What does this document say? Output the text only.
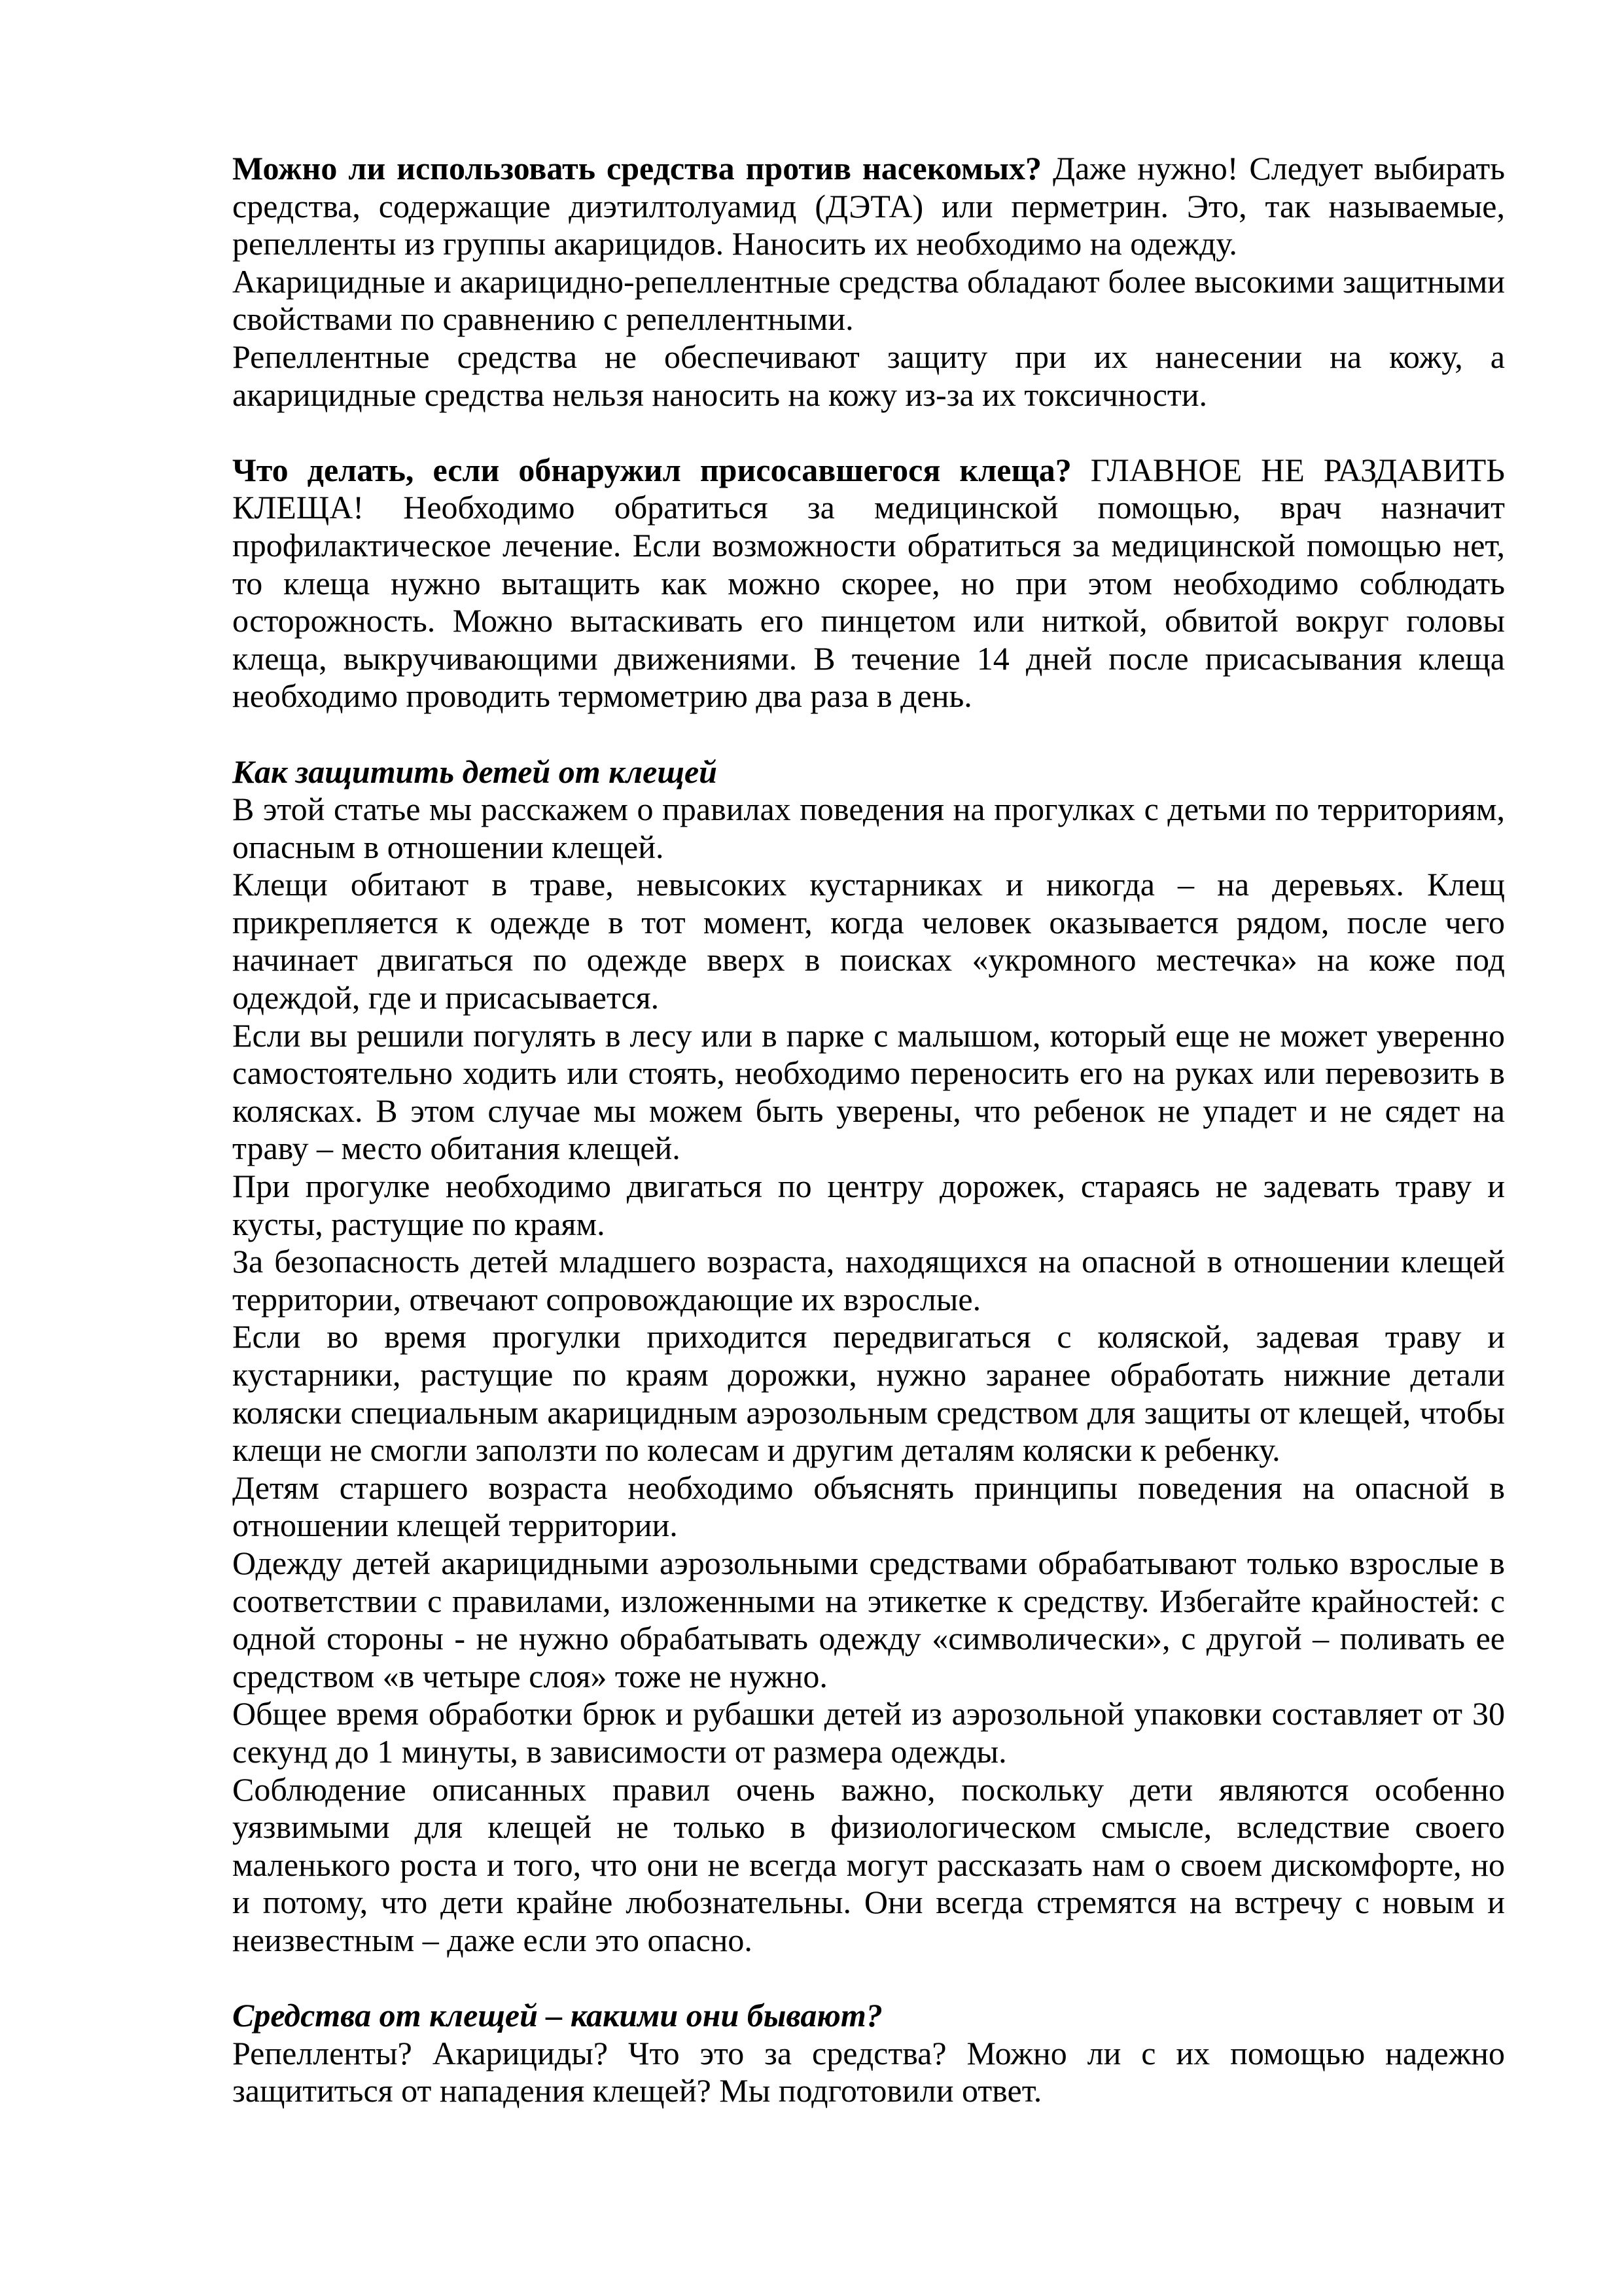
Можно ли использовать средства против насекомых? Даже нужно! Следует выбирать
средства, содержащие диэтилтолуамид (ДЭТА) или перметрин. Это, так называемые,
репелленты из группы акарицидов. Наносить их необходимо на одежду.
Акарицидные и акарицидно-репеллентные средства обладают более высокими защитными
свойствами по сравнению с репеллентными.
Репеллентные средства не обеспечивают защиту при их нанесении на кожу, а
акарицидные средства нельзя наносить на кожу из-за их токсичности.
Что делать, если обнаружил присосавшегося клеща? ГЛАВНОЕ НЕ РАЗДАВИТЬ
КЛЕЩА! Необходимо обратиться за медицинской помощью, врач назначит
профилактическое лечение. Если возможности обратиться за медицинской помощью нет,
то клеща нужно вытащить как можно скорее, но при этом необходимо соблюдать
осторожность. Можно вытаскивать его пинцетом или ниткой, обвитой вокруг головы
клеща, выкручивающими движениями. В течение 14 дней после присасывания клеща
необходимо проводить термометрию два раза в день.
Как защитить детей от клещей
В этой статье мы расскажем о правилах поведения на прогулках с детьми по территориям,
опасным в отношении клещей.
Клещи обитают в траве, невысоких кустарниках и никогда – на деревьях. Клещ
прикрепляется к одежде в тот момент, когда человек оказывается рядом, после чего
начинает двигаться по одежде вверх в поисках «укромного местечка» на коже под
одеждой, где и присасывается.
Если вы решили погулять в лесу или в парке с малышом, который еще не может уверенно
самостоятельно ходить или стоять, необходимо переносить его на руках или перевозить в
колясках. В этом случае мы можем быть уверены, что ребенок не упадет и не сядет на
траву – место обитания клещей.
При прогулке необходимо двигаться по центру дорожек, стараясь не задевать траву и
кусты, растущие по краям.
За безопасность детей младшего возраста, находящихся на опасной в отношении клещей
территории, отвечают сопровождающие их взрослые.
Если во время прогулки приходится передвигаться с коляской, задевая траву и
кустарники, растущие по краям дорожки, нужно заранее обработать нижние детали
коляски специальным акарицидным аэрозольным средством для защиты от клещей, чтобы
клещи не смогли заползти по колесам и другим деталям коляски к ребенку.
Детям старшего возраста необходимо объяснять принципы поведения на опасной в
отношении клещей территории.
Одежду детей акарицидными аэрозольными средствами обрабатывают только взрослые в
соответствии с правилами, изложенными на этикетке к средству. Избегайте крайностей: с
одной стороны - не нужно обрабатывать одежду «символически», с другой – поливать ее
средством «в четыре слоя» тоже не нужно.
Общее время обработки брюк и рубашки детей из аэрозольной упаковки составляет от 30
секунд до 1 минуты, в зависимости от размера одежды.
Соблюдение описанных правил очень важно, поскольку дети являются особенно
уязвимыми для клещей не только в физиологическом смысле, вследствие своего
маленького роста и того, что они не всегда могут рассказать нам о своем дискомфорте, но
и потому, что дети крайне любознательны. Они всегда стремятся на встречу с новым и
неизвестным – даже если это опасно.
Средства от клещей – какими они бывают?
Репелленты? Акарициды? Что это за средства? Можно ли с их помощью надежно
защититься от нападения клещей? Мы подготовили ответ.
